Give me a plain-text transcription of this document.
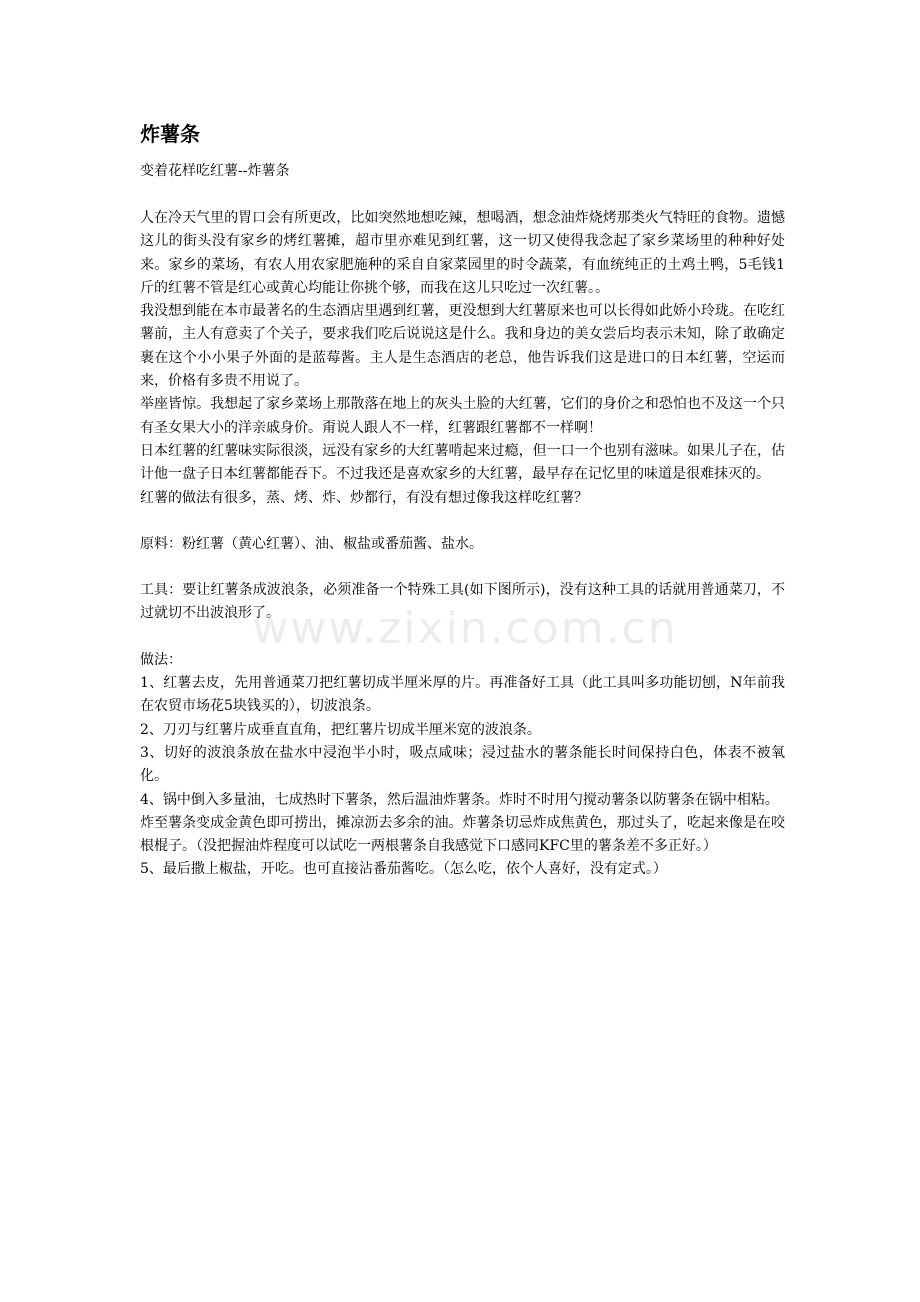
www.zixin.com.cn
炸薯条

变着花样吃红薯--炸薯条

人在冷天气里的胃口会有所更改，比如突然地想吃辣，想喝酒，想念油炸烧烤那类火气特旺的食物。遗憾这儿的街头没有家乡的烤红薯摊，超市里亦难见到红薯，这一切又使得我念起了家乡菜场里的种种好处来。家乡的菜场，有农人用农家肥施种的采自自家菜园里的时令蔬菜，有血统纯正的土鸡土鸭，5毛钱1斤的红薯不管是红心或黄心均能让你挑个够，而我在这儿只吃过一次红薯。。

我没想到能在本市最著名的生态酒店里遇到红薯，更没想到大红薯原来也可以长得如此娇小玲珑。在吃红薯前，主人有意卖了个关子，要求我们吃后说说这是什么。我和身边的美女尝后均表示未知，除了敢确定裹在这个小小果子外面的是蓝莓酱。主人是生态酒店的老总，他告诉我们这是进口的日本红薯，空运而来，价格有多贵不用说了。

举座皆惊。我想起了家乡菜场上那散落在地上的灰头土脸的大红薯，它们的身价之和恐怕也不及这一个只有圣女果大小的洋亲戚身价。甭说人跟人不一样，红薯跟红薯都不一样啊！

日本红薯的红薯味实际很淡，远没有家乡的大红薯啃起来过瘾，但一口一个也别有滋味。如果儿子在，估计他一盘子日本红薯都能吞下。不过我还是喜欢家乡的大红薯，最早存在记忆里的味道是很难抹灭的。

红薯的做法有很多，蒸、烤、炸、炒都行，有没有想过像我这样吃红薯？

原料：粉红薯（黄心红薯）、油、椒盐或番茄酱、盐水。

工具：要让红薯条成波浪条，必须准备一个特殊工具(如下图所示)，没有这种工具的话就用普通菜刀，不过就切不出波浪形了。

做法：

1、红薯去皮，先用普通菜刀把红薯切成半厘米厚的片。再准备好工具（此工具叫多功能切刨，N年前我在农贸市场花5块钱买的），切波浪条。

2、刀刃与红薯片成垂直直角，把红薯片切成半厘米宽的波浪条。

3、切好的波浪条放在盐水中浸泡半小时，吸点咸味；浸过盐水的薯条能长时间保持白色，体表不被氧化。

4、锅中倒入多量油，七成热时下薯条，然后温油炸薯条。炸时不时用勺搅动薯条以防薯条在锅中相粘。

炸至薯条变成金黄色即可捞出，摊凉沥去多余的油。炸薯条切忌炸成焦黄色，那过头了，吃起来像是在咬根棍子。（没把握油炸程度可以试吃一两根薯条自我感觉下口感同KFC里的薯条差不多正好。）

5、最后撒上椒盐，开吃。也可直接沾番茄酱吃。（怎么吃，依个人喜好，没有定式。）
